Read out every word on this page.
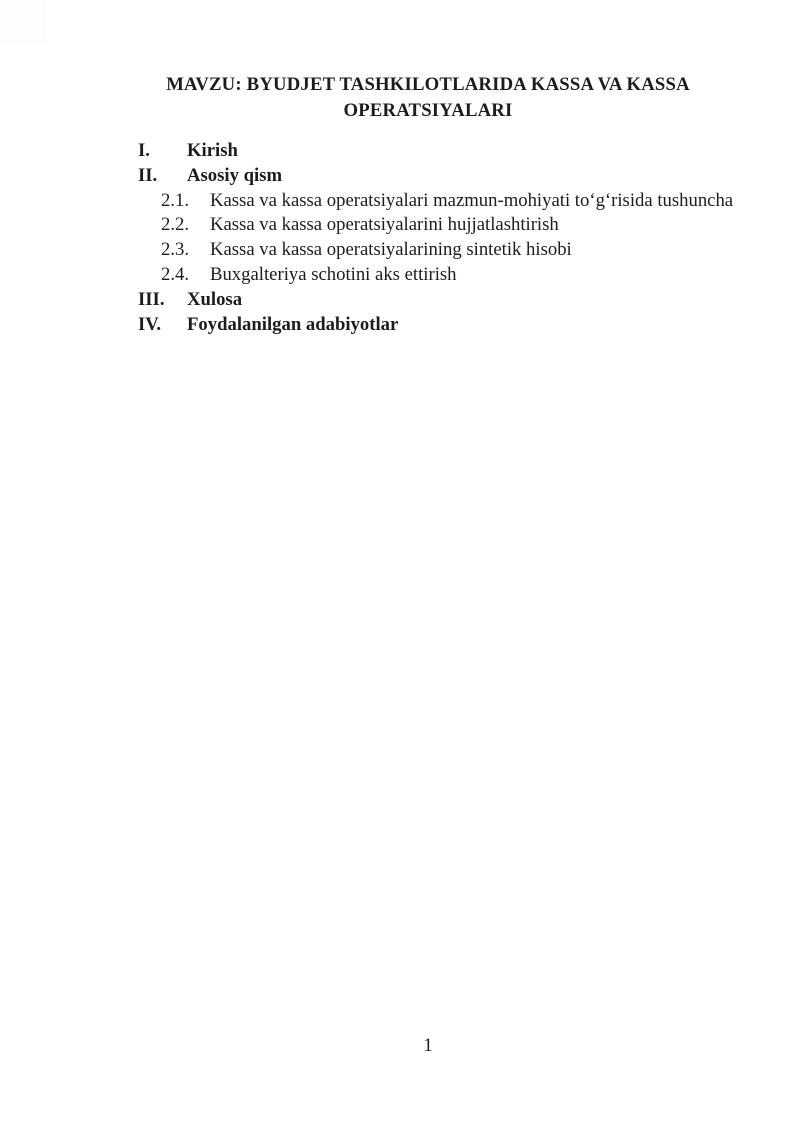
MAVZU: BYUDJET TASHKILOTLARIDA KASSA VA KASSA
OPERATSIYALARI
I.	Kirish
II.	Asosiy qism
2.1.	Kassa va kassa operatsiyalari mazmun-mohiyati to‘g‘risida tushuncha
2.2.	Kassa va kassa operatsiyalarini hujjatlashtirish
2.3.	Kassa va kassa operatsiyalarining sintetik hisobi
2.4.	Buxgalteriya schotini aks ettirish
III.	Xulosa
IV.	Foydalanilgan adabiyotlar
1
